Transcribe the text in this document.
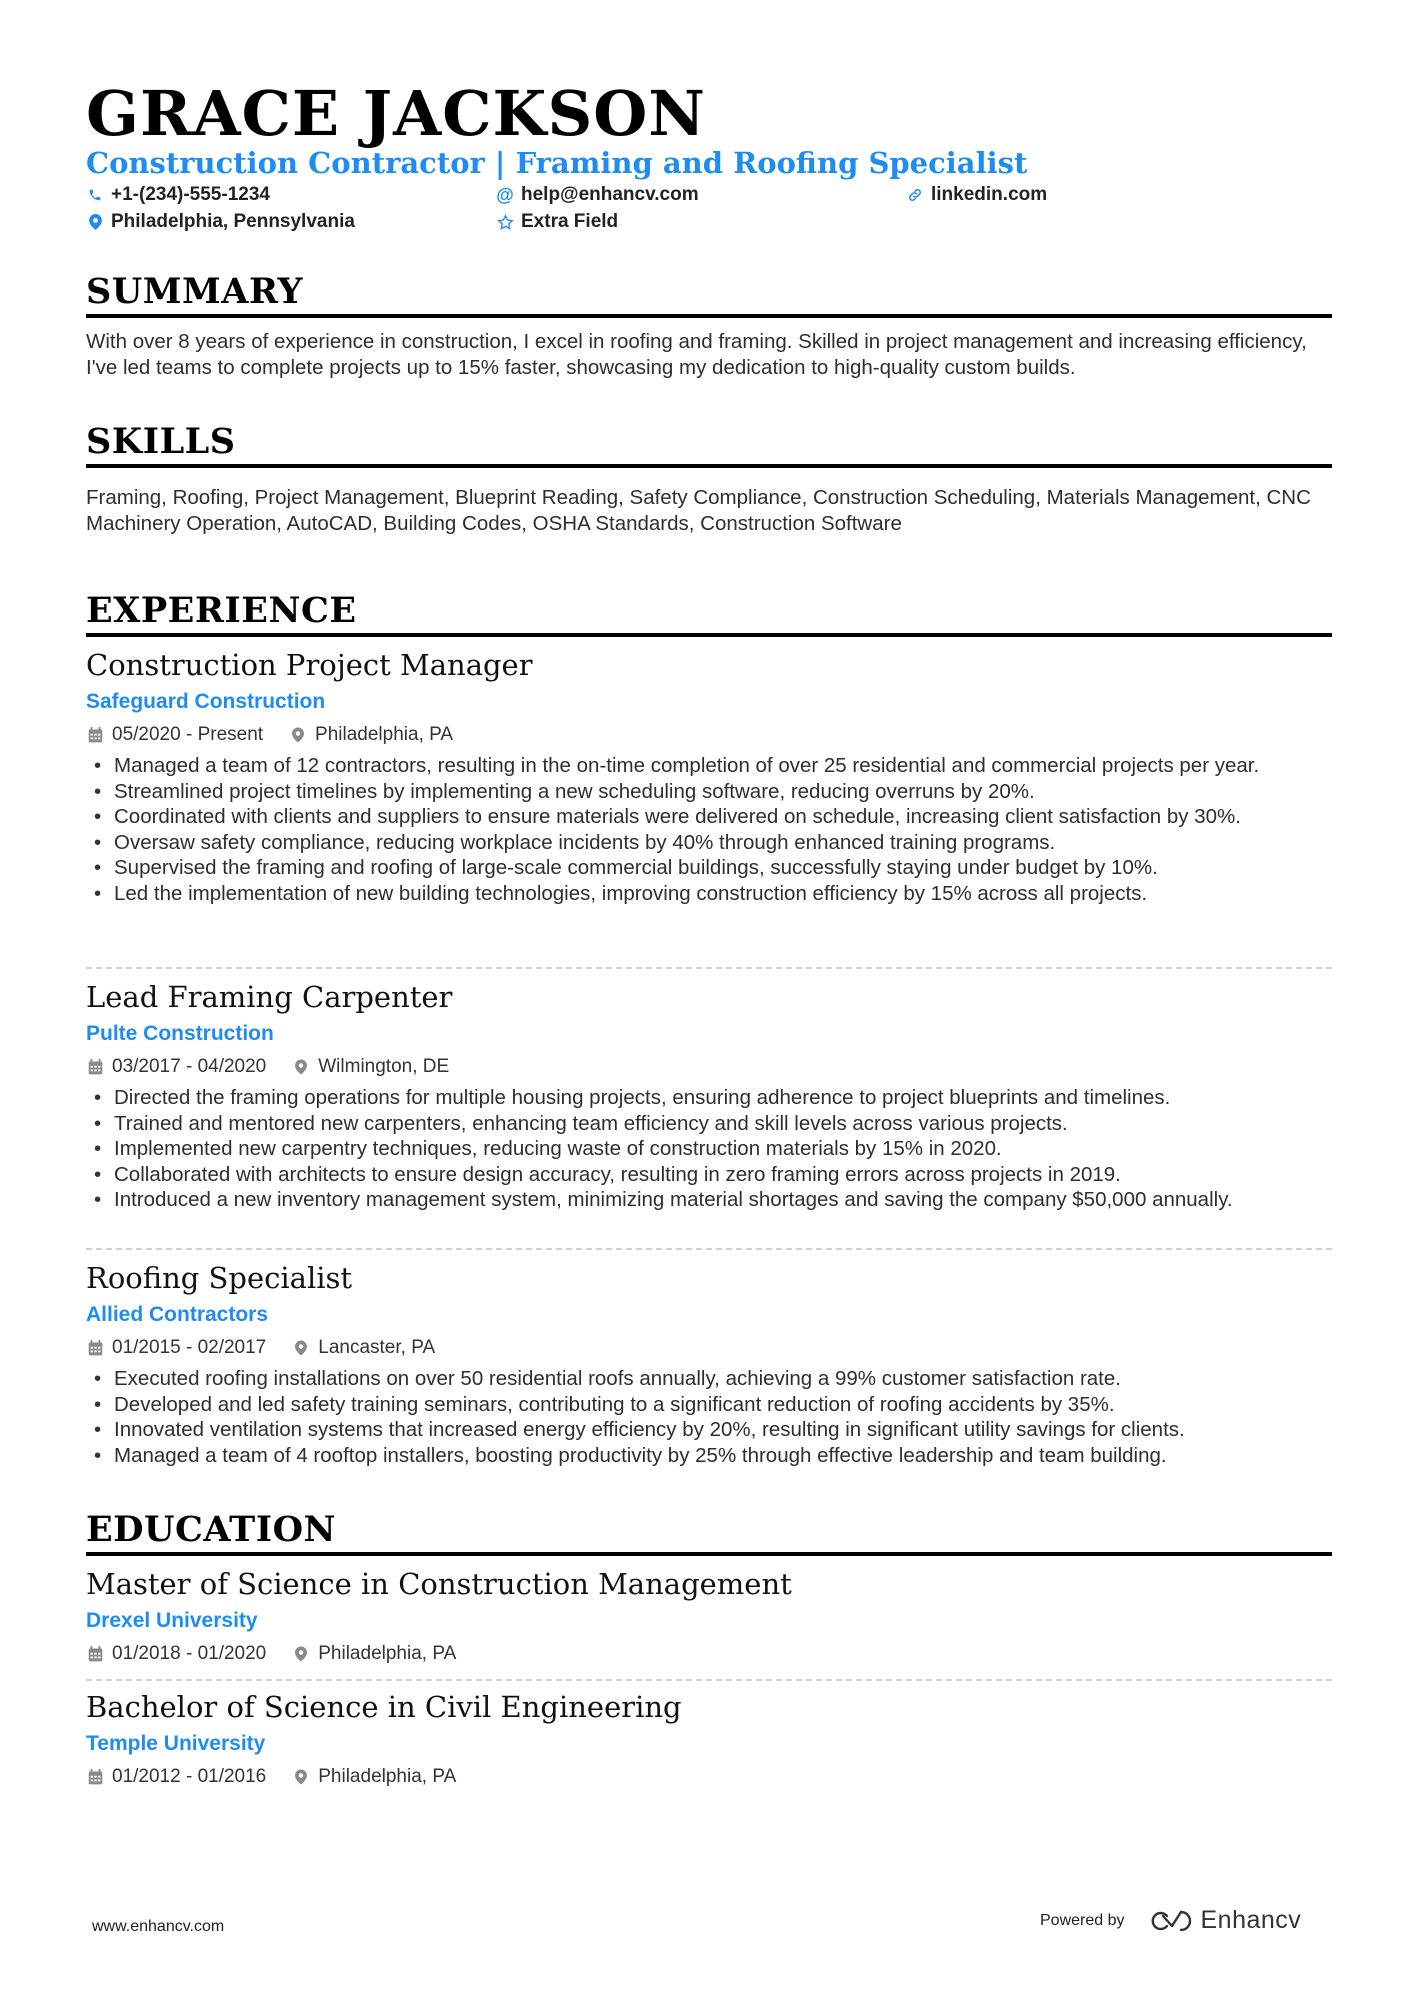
GRACE JACKSON
Construction Contractor | Framing and Roofing Specialist
+1-(234)-555-1234	@ help@enhancv.com	linkedin.com
Philadelphia, Pennsylvania	Extra Field
SUMMARY
With over 8 years of experience in construction, I excel in roofing and framing. Skilled in project management and increasing efficiency, I've led teams to complete projects up to 15% faster, showcasing my dedication to high-quality custom builds.
SKILLS
Framing, Roofing, Project Management, Blueprint Reading, Safety Compliance, Construction Scheduling, Materials Management, CNC Machinery Operation, AutoCAD, Building Codes, OSHA Standards, Construction Software
EXPERIENCE
Construction Project Manager
Safeguard Construction
05/2020 - Present	Philadelphia, PA
• Managed a team of 12 contractors, resulting in the on-time completion of over 25 residential and commercial projects per year.
• Streamlined project timelines by implementing a new scheduling software, reducing overruns by 20%.
• Coordinated with clients and suppliers to ensure materials were delivered on schedule, increasing client satisfaction by 30%.
• Oversaw safety compliance, reducing workplace incidents by 40% through enhanced training programs.
• Supervised the framing and roofing of large-scale commercial buildings, successfully staying under budget by 10%.
• Led the implementation of new building technologies, improving construction efficiency by 15% across all projects.
Lead Framing Carpenter
Pulte Construction
03/2017 - 04/2020	Wilmington, DE
• Directed the framing operations for multiple housing projects, ensuring adherence to project blueprints and timelines.
• Trained and mentored new carpenters, enhancing team efficiency and skill levels across various projects.
• Implemented new carpentry techniques, reducing waste of construction materials by 15% in 2020.
• Collaborated with architects to ensure design accuracy, resulting in zero framing errors across projects in 2019.
• Introduced a new inventory management system, minimizing material shortages and saving the company $50,000 annually.
Roofing Specialist
Allied Contractors
01/2015 - 02/2017	Lancaster, PA
• Executed roofing installations on over 50 residential roofs annually, achieving a 99% customer satisfaction rate.
• Developed and led safety training seminars, contributing to a significant reduction of roofing accidents by 35%.
• Innovated ventilation systems that increased energy efficiency by 20%, resulting in significant utility savings for clients.
• Managed a team of 4 rooftop installers, boosting productivity by 25% through effective leadership and team building.
EDUCATION
Master of Science in Construction Management
Drexel University
01/2018 - 01/2020	Philadelphia, PA
Bachelor of Science in Civil Engineering
Temple University
01/2012 - 01/2016	Philadelphia, PA
www.enhancv.com	Powered by	Enhancv
